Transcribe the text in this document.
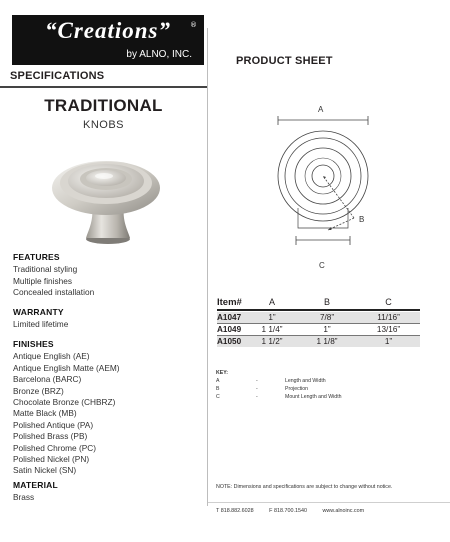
“Creations”	®
by ALNO, INC.
SPECIFICATIONS
PRODUCT SHEET
TRADITIONAL
KNOBS
FEATURES
Traditional styling
Multiple finishes
Concealed installation
WARRANTY
Limited lifetime
FINISHES
Antique English (AE)
Antique English Matte (AEM)
Barcelona (BARC)
Bronze (BRZ)
Chocolate Bronze (CHBRZ)
Matte Black (MB)
Polished Antique (PA)
Polished Brass (PB)
Polished Chrome (PC)
Polished Nickel (PN)
Satin Nickel (SN)
MATERIAL
Brass
A
B
C
Item#	A	B	C
A1047	1”	7/8”	11/16”
A1049	1 1/4”	1”	13/16”
A1050	1 1/2”	1 1/8”	1”
KEY:
A	-	Length and Width
B	-	Projection
C	-	Mount Length and Width
NOTE: Dimensions and specifications are subject to change without notice.
T 818.882.6028	F 818.700.1540	www.alnoinc.com
